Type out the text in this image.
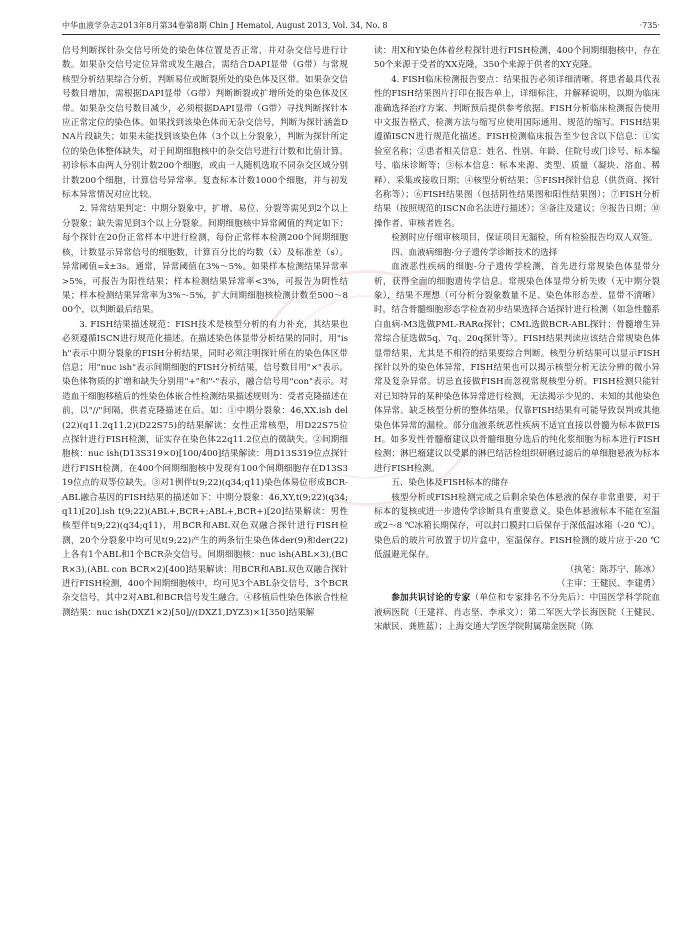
中华血液学杂志2013年8月第34卷第8期 Chin J Hematol, August 2013, Vol. 34, No. 8	·735·

信号判断探针杂交信号所处的染色体位置是否正常，并对杂交信号进行计数。如果杂交信号定位异常或发生融合，需结合DAPI显带（G带）与常规核型分析结果综合分析，判断易位或断裂所处的染色体及区带。如果杂交信号数目增加，需根据DAPI显带（G带）判断断裂或扩增所处的染色体及区带。如果杂交信号数目减少，必须根据DAPI显带（G带）寻找判断探针本应正常定位的染色体。如果找到该染色体而无杂交信号，判断为探针涵盖DNA片段缺失；如果未能找到该染色体（3个以上分裂象），判断为探针所定位的染色体整体缺失，对于间期细胞核中的杂交信号进行计数和比值计算。初诊标本由两人分别计数200个细胞，或由一人随机选取不同杂交区域分别计数200个细胞，计算信号异常率。复查标本计数1000个细胞，并与初发标本异常情况对应比较。

2. 异常结果判定：中期分裂象中，扩增、易位、分裂等需见到2个以上分裂象；缺失需见到3个以上分裂象。间期细胞核中异常阈值的判定如下：每个探针在20份正常样本中进行检测，每份正常样本检测200个间期细胞核，计数显示异常信号的细胞数，计算百分比的均数（x̄）及标准差（s）。异常阈值=x̄±3s。通常，异常阈值在3%～5%。如果样本检测结果异常率>5%，可报告为阳性结果；样本检测结果异常率<3%，可报告为阴性结果；样本检测结果异常率为3%～5%，扩大间期细胞核检测计数至500～800个，以判断最后结果。

3. FISH结果描述规范：FISH技术是核型分析的有力补充，其结果也必须遵循ISCN进行规范化描述。在描述染色体显带分析结果的同时，用"ish"表示中期分裂象的FISH分析结果，同时必须注明探针所在的染色体区带信息；用"nuc ish"表示间期细胞的FISH分析结果，信号数目用"×"表示。染色体物质的扩增和缺失分别用"+"和"-"表示，融合信号用"con"表示。对造血干细胞移植后的性染色体嵌合性检测结果描述规则为：受者克隆描述在前，以"//"间隔，供者克隆描述在后。如：①中期分裂象：46,XX.ish del(22)(q11.2q11.2)(D22S75)的结果解读：女性正常核型，用D22S75位点探针进行FISH检测，证实存在染色体22q11.2位点的微缺失。②间期细胞核：nuc ish(D13S319×0)[100/400]结果解读：用D13S319位点探针进行FISH检测，在400个间期细胞核中发现有100个间期细胞存在D13S319位点的双等位缺失。③对1例伴t(9;22)(q34;q11)染色体易位形成BCR-ABL融合基因的FISH结果的描述如下：中期分裂象：46,XY,t(9;22)(q34;q11)[20].ish t(9;22)(ABL+,BCR+;ABL+,BCR+)[20]结果解读：男性核型伴t(9;22)(q34;q11)，用BCR和ABL双色双融合探针进行FISH检测，20个分裂象中均可见t(9;22)产生的两条衍生染色体der(9)和der(22)上各有1个ABL和1个BCR杂交信号。间期细胞核：nuc ish(ABL×3),(BCR×3),(ABL con BCR×2)[400]结果解读：用BCR和ABL双色双融合探针进行FISH检测，400个间期细胞核中，均可见3个ABL杂交信号，3个BCR杂交信号，其中2对ABL和BCR信号发生融合。④移植后性染色体嵌合性检测结果：nuc ish(DXZ1×2)[50]//(DXZ1,DYZ3)×1[350]结果解

读：用X和Y染色体着丝粒探针进行FISH检测，400个间期细胞核中，存在50个来源于受者的XX克隆，350个来源于供者的XY克隆。

4. FISH临床检测报告要点：结果报告必须详细清晰。将患者最具代表性的FISH结果图片打印在报告单上，详细标注，并解释说明，以期为临床准确选择治疗方案、判断预后提供参考依据。FISH分析临床检测报告使用中文报告格式，检测方法与缩写应使用国际通用、规范的缩写。FISH结果遵循ISCN进行规范化描述。FISH检测临床报告至少包含以下信息：①实验室名称；②患者相关信息：姓名、性别、年龄、住院号或门诊号、标本编号、临床诊断等；③标本信息：标本来源、类型、质量（凝块、溶血、稀释）、采集或接收日期；④核型分析结果；⑤FISH探针信息（供货商、探针名称等）；⑥FISH结果图（包括阴性结果图和阳性结果图）；⑦FISH分析结果（按照规范的ISCN命名法进行描述）；⑧备注及建议；⑨报告日期；⑩操作者、审核者姓名。

检测时应仔细审核项目，保证项目无漏检，所有检验报告均双人双签。

四、血液病细胞-分子遗传学诊断技术的选择

血液恶性疾病的细胞-分子遗传学检测，首先进行常规染色体显带分析，获得全面的细胞遗传学信息。常规染色体显带分析失败（无中期分裂象），结果不理想（可分析分裂象数量不足、染色体形态差、显带不清晰）时，结合骨髓细胞形态学检查初步结果选择合适探针进行检测（如急性髓系白血病-M3选做PML-RARα探针；CML选做BCR-ABL探针；骨髓增生异常综合征选做5q、7q、20q探针等）。FISH结果判读应该结合常规染色体显带结果，尤其是不相符的结果要综合判断。核型分析结果可以显示FISH探针以外的染色体异常，FISH结果也可以揭示核型分析无法分辨的微小异常及复杂异常。切忌直接做FISH而忽视常规核型分析。FISH检测只能针对已知特异的某种染色体异常进行检测，无法揭示少见的、未知的其他染色体异常。缺乏核型分析的整体结果，仅靠FISH结果有可能导致误判或其他染色体异常的漏检。部分血液系统恶性疾病不适宜直接以骨髓为标本做FISH。如多发性骨髓瘤建议以骨髓细胞分选后的纯化浆细胞为标本进行FISH检测；淋巴瘤建议以受累的淋巴结活检组织研磨过滤后的单细胞悬液为标本进行FISH检测。

五、染色体及FISH标本的储存

核型分析或FISH检测完成之后剩余染色体悬液的保存非常重要，对于标本的复核或进一步遗传学诊断具有重要意义。染色体悬液标本不能在室温或2～8 ℃冰箱长期保存，可以封口膜封口后保存于深低温冰箱（-20 ℃）。染色后的玻片可放置于切片盒中，室温保存。FISH检测的玻片应于-20 ℃低温避光保存。

（执笔：陈苏宁、陈冰）

（主审：王健民、李建勇）

参加共识讨论的专家（单位和专家排名不分先后）：中国医学科学院血液病医院（王建祥、肖志坚、李承文）；第二军医大学长海医院（王健民、宋献民、龚胜蓝）；上海交通大学医学院附属瑞金医院（陈
